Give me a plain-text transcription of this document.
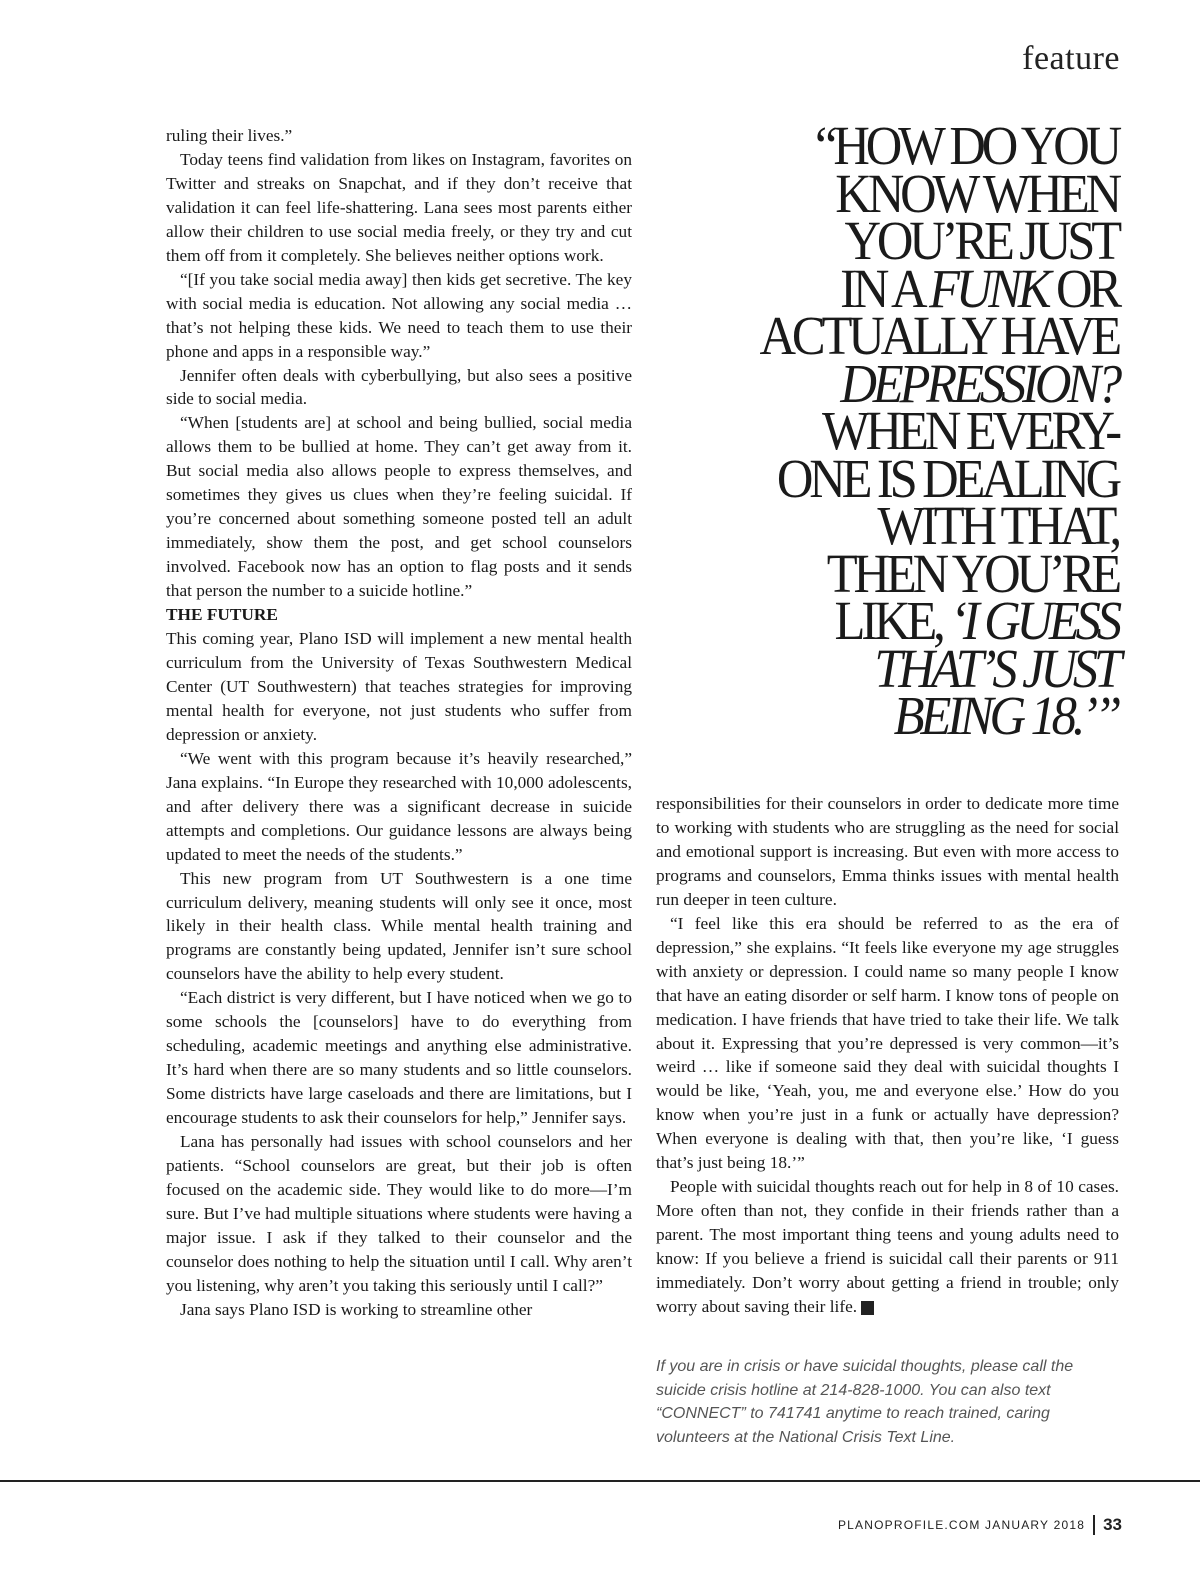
feature

ruling their lives.”

Today teens find validation from likes on Instagram, favorites on Twitter and streaks on Snapchat, and if they don’t receive that validation it can feel life-shattering. Lana sees most parents either allow their children to use social media freely, or they try and cut them off from it completely. She believes neither options work.

“[If you take social media away] then kids get secretive. The key with social media is education. Not allowing any social media … that’s not helping these kids. We need to teach them to use their phone and apps in a responsible way.”

Jennifer often deals with cyberbullying, but also sees a positive side to social media.

“When [students are] at school and being bullied, social media allows them to be bullied at home. They can’t get away from it. But social media also allows people to express themselves, and sometimes they gives us clues when they’re feeling suicidal. If you’re concerned about something someone posted tell an adult immediately, show them the post, and get school counselors involved. Facebook now has an option to flag posts and it sends that person the number to a suicide hotline.”

THE FUTURE

This coming year, Plano ISD will implement a new mental health curriculum from the University of Texas Southwestern Medical Center (UT Southwestern) that teaches strategies for improving mental health for everyone, not just students who suffer from depression or anxiety.

“We went with this program because it’s heavily researched,” Jana explains. “In Europe they researched with 10,000 adolescents, and after delivery there was a significant decrease in suicide attempts and completions. Our guidance lessons are always being updated to meet the needs of the students.”

This new program from UT Southwestern is a one time curriculum delivery, meaning students will only see it once, most likely in their health class. While mental health training and programs are constantly being updated, Jennifer isn’t sure school counselors have the ability to help every student.

“Each district is very different, but I have noticed when we go to some schools the [counselors] have to do everything from scheduling, academic meetings and anything else administrative. It’s hard when there are so many students and so little counselors. Some districts have large caseloads and there are limitations, but I encourage students to ask their counselors for help,” Jennifer says.

Lana has personally had issues with school counselors and her patients. “School counselors are great, but their job is often focused on the academic side. They would like to do more—I’m sure. But I’ve had multiple situations where students were having a major issue. I ask if they talked to their counselor and the counselor does nothing to help the situation until I call. Why aren’t you listening, why aren’t you taking this seriously until I call?”

Jana says Plano ISD is working to streamline other

“HOW DO YOU
KNOW WHEN
YOU’RE JUST
IN A FUNK OR
ACTUALLY HAVE
DEPRESSION?
WHEN EVERY-
ONE IS DEALING
WITH THAT,
THEN YOU’RE
LIKE, ‘I GUESS
THAT’S JUST
BEING 18.’”

responsibilities for their counselors in order to dedicate more time to working with students who are struggling as the need for social and emotional support is increasing. But even with more access to programs and counselors, Emma thinks issues with mental health run deeper in teen culture.

“I feel like this era should be referred to as the era of depression,” she explains. “It feels like everyone my age struggles with anxiety or depression. I could name so many people I know that have an eating disorder or self harm. I know tons of people on medication. I have friends that have tried to take their life. We talk about it. Expressing that you’re depressed is very common—it’s weird … like if someone said they deal with suicidal thoughts I would be like, ‘Yeah, you, me and everyone else.’ How do you know when you’re just in a funk or actually have depression? When everyone is dealing with that, then you’re like, ‘I guess that’s just being 18.’”

People with suicidal thoughts reach out for help in 8 of 10 cases. More often than not, they confide in their friends rather than a parent. The most important thing teens and young adults need to know: If you believe a friend is suicidal call their parents or 911 immediately. Don’t worry about getting a friend in trouble; only worry about saving their life. P

If you are in crisis or have suicidal thoughts, please call the suicide crisis hotline at 214-828-1000. You can also text “CONNECT” to 741741 anytime to reach trained, caring volunteers at the National Crisis Text Line.
PLANOPROFILE.COM JANUARY 2018 33
